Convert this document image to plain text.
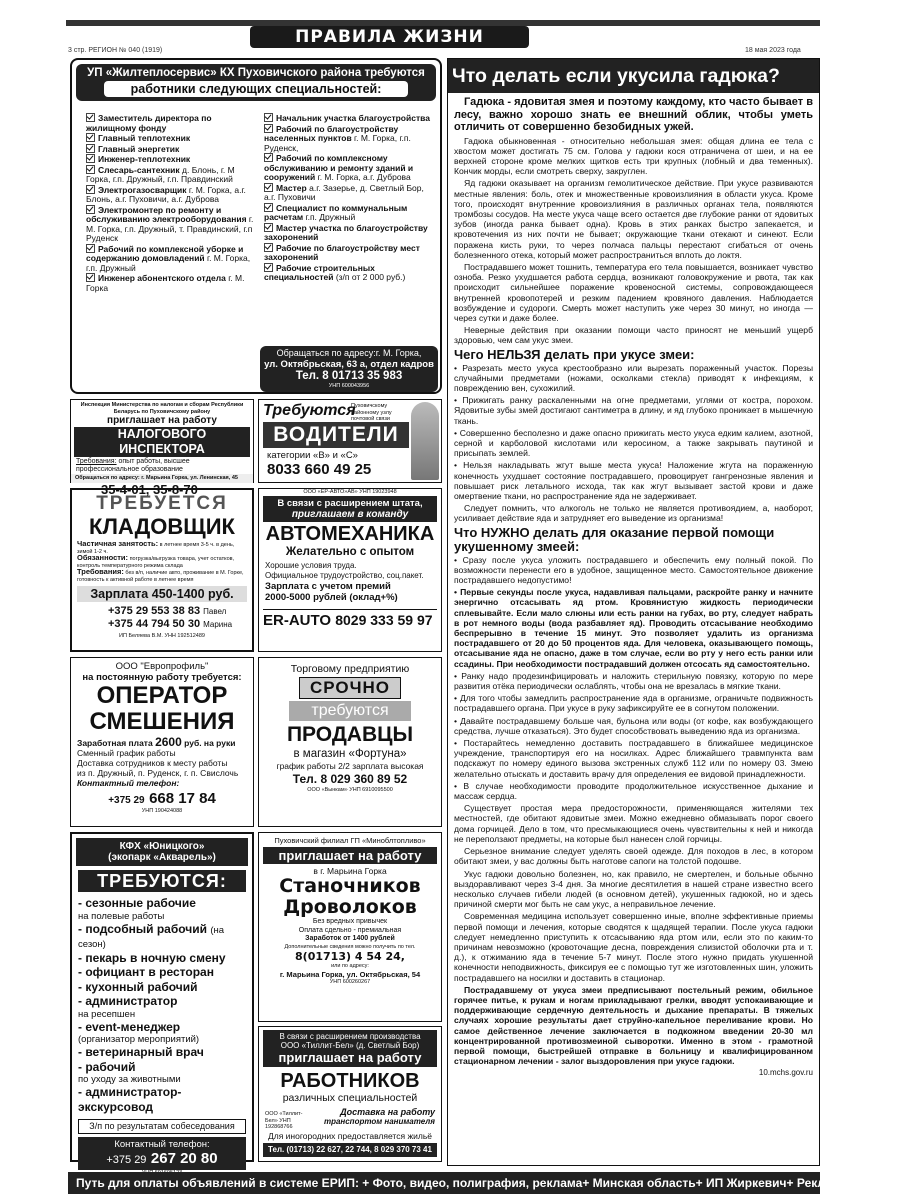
ПРАВИЛА ЖИЗНИ
3 стр. РЕГИОН № 040 (1919)	18 мая 2023 года
УП «Жилтеплосервис» КХ Пуховичского района требуются
работники следующих специальностей:

Заместитель директора по жилищному фонду

Главный теплотехник

Главный энергетик

Инженер-теплотехник

Слесарь-сантехник д. Блонь, г. М Горка, г.п. Дружный, г.п. Правдинский

Электрогазосварщик г. М. Горка, а.г. Блонь, а.г. Пуховичи, а.г. Дуброва

Электромонтер по ремонту и обслуживанию электрооборудования г. М. Горка, г.п. Дружный, т. Правдинский, г.п Руденск

Рабочий по комплексной уборке и содержанию домовладений г. М. Горка, г.п. Дружный

Инженер абонентского отдела г. М. Горка

Начальник участка благоустройства

Рабочий по благоустройству населенных пунктов г. М. Горка, г.п. Руденск,

Рабочий по комплексному обслуживанию и ремонту зданий и сооружений г. М. Горка, а.г. Дуброва

Мастер а.г. Зазерье, д. Светлый Бор, а.г. Пуховичи

Специалист по коммунальным расчетам г.п. Дружный

Мастер участка по благоустройству захоронений

Рабочие по благоустройству мест захоронений

Рабочие строительных специальностей (з/п от 2 000 руб.)

Обращаться по адресу:г. М. Горка,
ул. Октябрьская, 63 а, отдел кадров
Тел. 8 01713 35 983
УНП 600043956
Инспекция Министерства по налогам и сборам Республики Беларусь по Пуховичскому району
приглашает на работу
НАЛОГОВОГО ИНСПЕКТОРА
Требования: опыт работы, высшее профессиональное образование
Обращаться по адресу: г. Марьина Горка, ул. Ленинская, 45
35-4-01, 35-8-70
Требуются
Пуховичскому районному узлу почтовой связи
ВОДИТЕЛИ
категории «В» и «С»
8033 660 49 25
ТРЕБУЕТСЯ
КЛАДОВЩИК
Частичная занятость: в летнее время 3-5 ч. в день, зимой 1-2 ч.
Обязанности: погрузка/выгрузка товара, учет остатков, контроль температурного режима склада
Требования: без в/п, наличие авто, проживание в М. Горке, готовность к активной работе в летнее время
Зарплата 450-1400 руб.
+375 29 553 38 83 Павел
+375 44 794 50 30 Марина
ИП Беляева В.М. УНН 192512489
ООО «ЕР-АВТО»АВ» УНП 19023948
В связи с расширением штата,
приглашаем в команду
АВТОМЕХАНИКА
Желательно с опытом
Хорошие условия труда.
Официальное трудоустройство, соц.пакет.
Зарплата с учетом премий
2000-5000 рублей (оклад+%)
ER-AUTO 8029 333 59 97
ООО "Европрофиль"
на постоянную работу требуется:
ОПЕРАТОР
СМЕШЕНИЯ
Заработная плата 2600 руб. на руки
Сменный график работы
Доставка сотрудников к месту работы
из п. Дружный, п. Руденск, г. п. Свислочь
Контактный телефон:
+375 29 668 17 84
УНП 190424088
Торговому предприятию
СРОЧНО
требуются
ПРОДАВЦЫ
в магазин «Фортуна»
график работы 2/2 зарплата высокая
Тел. 8 029 360 89 52
ООО «Вынкам» УНП 6910095500
КФХ «Юницкого»
(экопарк «Акварель»)
ТРЕБУЮТСЯ:

- сезонные рабочие
на полевые работы

- подсобный рабочий (на сезон)

- пекарь в ночную смену

- официант в ресторан

- кухонный рабочий

- администратор
на ресепшен

- event-менеджер
(организатор мероприятий)

- ветеринарный врач

- рабочий
по уходу за животными

- администратор-экскурсовод

З/п по результатам собеседования
Контактный телефон:
+375 29 267 20 80
Пуховичский филиал ГП «Миноблтопливо»
приглашает на работу
в г. Марьина Горка
Станочников
Дроволоков
Без вредных привычек
Оплата сдельно - премиальная
Заработок от 1400 рублей
Дополнительные сведения можно получить по тел.
8(01713) 4 54 24,
или по адресу:
г. Марьина Горка, ул. Октябрьская, 54
УНП 600260267
В связи с расширением производства
ООО «Тиллит-Бел» (д. Светлый Бор)
приглашает на работу
РАБОТНИКОВ
различных специальностей
ООО «Тиллит-Бел» УНП 192868766
Доставка на работу
транспортом нанимателя
Для иногородних предоставляется жильё
Тел. (01713) 22 627, 22 744, 8 029 370 73 41
Что делать если укусила гадюка?

Гадюка - ядовитая змея и поэтому каждому, кто часто бывает в лесу, важно хорошо знать ее внешний облик, чтобы уметь отличить от совершенно безобидных ужей.

Гадюка обыкновенная - относительно небольшая змея: общая длина ее тела с хвостом может достигать 75 см. Голова у гадюки кося отграничена от шеи, и на ее верхней стороне кроме мелких щитков есть три крупных (лобный и два теменных). Кончик морды, если смотреть сверху, закруглен.

Яд гадюки оказывает на организм гемолитическое действие. При укусе развиваются местные явления: боль, отек и множественные кровоизлияния в области укуса. Кроме того, происходят внутренние кровоизлияния в различных органах тела, появляются тромбозы сосудов. На месте укуса чаще всего остается две глубокие ранки от ядовитых зубов (иногда ранка бывает одна). Кровь в этих ранках быстро запекается, и кровотечения из них почти не бывает; окружающие ткани отекают и синеют. Если поражена кисть руки, то через полчаса пальцы перестают сгибаться от очень болезненного отека, который может распространиться вплоть до локтя.

Пострадавшего может тошнить, температура его тела повышается, возникает чувство озноба. Резко ухудшается работа сердца, возникают головокружение и рвота, так как происходит сильнейшее поражение кровеносной системы, сопровождающееся внутренней кровопотерей и резким падением кровяного давления. Наблюдается возбуждение и судороги. Смерть может наступить уже через 30 минут, но иногда — через сутки и даже более.

Неверные действия при оказании помощи часто приносят не меньший ущерб здоровью, чем сам укус змеи.

Чего НЕЛЬЗЯ делать при укусе змеи:

• Разрезать место укуса крестообразно или вырезать пораженный участок. Порезы случайными предметами (ножами, осколками стекла) приводят к инфекциям, к повреждению вен, сухожилий.

• Прижигать ранку раскаленными на огне предметами, углями от костра, порохом. Ядовитые зубы змей достигают сантиметра в длину, и яд глубоко проникает в мышечную ткань.

• Совершенно бесполезно и даже опасно прижигать место укуса едким калием, азотной, серной и карболовой кислотами или керосином, а также закрывать паутиной и присыпать землей.

• Нельзя накладывать жгут выше места укуса! Наложение жгута на пораженную конечность ухудшает состояние пострадавшего, провоцирует гангренозные явления и повышает риск летального исхода, так как жгут вызывает застой крови и даже омертвение ткани, но распространение яда не задерживает.

Следует помнить, что алкоголь не только не является противоядием, а, наоборот, усиливает действие яда и затрудняет его выведение из организма!

Что НУЖНО делать для оказание первой помощи укушенному змеей:

• Сразу после укуса уложить пострадавшего и обеспечить ему полный покой. По возможности перенести его в удобное, защищенное место. Самостоятельное движение пострадавшего недопустимо!

• Первые секунды после укуса, надавливая пальцами, раскройте ранку и начните энергично отсасывать яд ртом. Кровянистую жидкость периодически сплевывайте. Если мало слюны или есть ранки на губах, во рту, следует набрать в рот немного воды (вода разбавляет яд). Проводить отсасывание необходимо беспрерывно в течение 15 минут. Это позволяет удалить из организма пострадавшего от 20 до 50 процентов яда. Для человека, оказывающего помощь, отсасывание яда не опасно, даже в том случае, если во рту у него есть ранки или ссадины. При необходимости пострадавший должен отсосать яд самостоятельно.

• Ранку надо продезинфицировать и наложить стерильную повязку, которую по мере развития отёка периодически ослаблять, чтобы она не врезалась в мягкие ткани.

• Для того чтобы замедлить распространение яда в организме, ограничьте подвижность пострадавшего органа. При укусе в руку зафиксируйте ее в согнутом положении.

• Давайте пострадавшему больше чая, бульона или воды (от кофе, как возбуждающего средства, лучше отказаться). Это будет способствовать выведению яда из организма.

• Постарайтесь немедленно доставить пострадавшего в ближайшее медицинское учреждение, транспортируя его на носилках. Адрес ближайшего травмпункта вам подскажут по номеру единого вызова экстренных служб 112 или по номеру 03. Змею желательно отыскать и доставить врачу для определения ее видовой принадлежности.

• В случае необходимости проводите продолжительное искусственное дыхание и массаж сердца.

Существует простая мера предосторожности, применяющаяся жителями тех местностей, где обитают ядовитые змеи. Можно ежедневно обмазывать порог своего дома горчицей. Дело в том, что пресмыкающиеся очень чувствительны к ней и никогда не переползают предметы, на которые был нанесен слой горчицы.

Серьезное внимание следует уделять своей одежде. Для походов в лес, в котором обитают змеи, у вас должны быть наготове сапоги на толстой подошве.

Укус гадюки довольно болезнен, но, как правило, не смертелен, и больные обычно выздоравливают через 3-4 дня. За многие десятилетия в нашей стране известно всего несколько случаев гибели людей (в основном детей), укушенных гадюкой, но и здесь причиной смерти мог быть не сам укус, а неправильное лечение.

Современная медицина использует совершенно иные, вполне эффективные приемы первой помощи и лечения, которые сводятся к щадящей терапии. После укуса гадюки следует немедленно приступить к отсасыванию яда ртом или, если это по каким-то причинам невозможно (кровоточащие десна, повреждения слизистой оболочки рта и т. д.), к отжиманию яда в течение 5-7 минут. После этого нужно придать укушенной конечности неподвижность, фиксируя ее с помощью тут же изготовленных шин, уложить пострадавшего на носилки и доставить в стационар.

Пострадавшему от укуса змеи предписывают постельный режим, обильное горячее питье, к рукам и ногам прикладывают грелки, вводят успокаивающие и поддерживающие сердечную деятельность и дыхание препараты. В тяжелых случаях хорошие результаты дает струйно-капельное переливание крови. Но самое действенное лечение заключается в подкожном введении 20-30 мл концентрированной противозмеиной сыворотки. Именно в этом - грамотной первой помощи, быстрейшей отправке в больницу и квалифицированном стационарном лечении - залог выздоровления при укусе гадюки.

10.mchs.gov.ru
Путь для оплаты объявлений в системе ЕРИП: + Фото, видео, полиграфия, реклама+ Минская область+ ИП Жиркевич+ Рекламные услуги
